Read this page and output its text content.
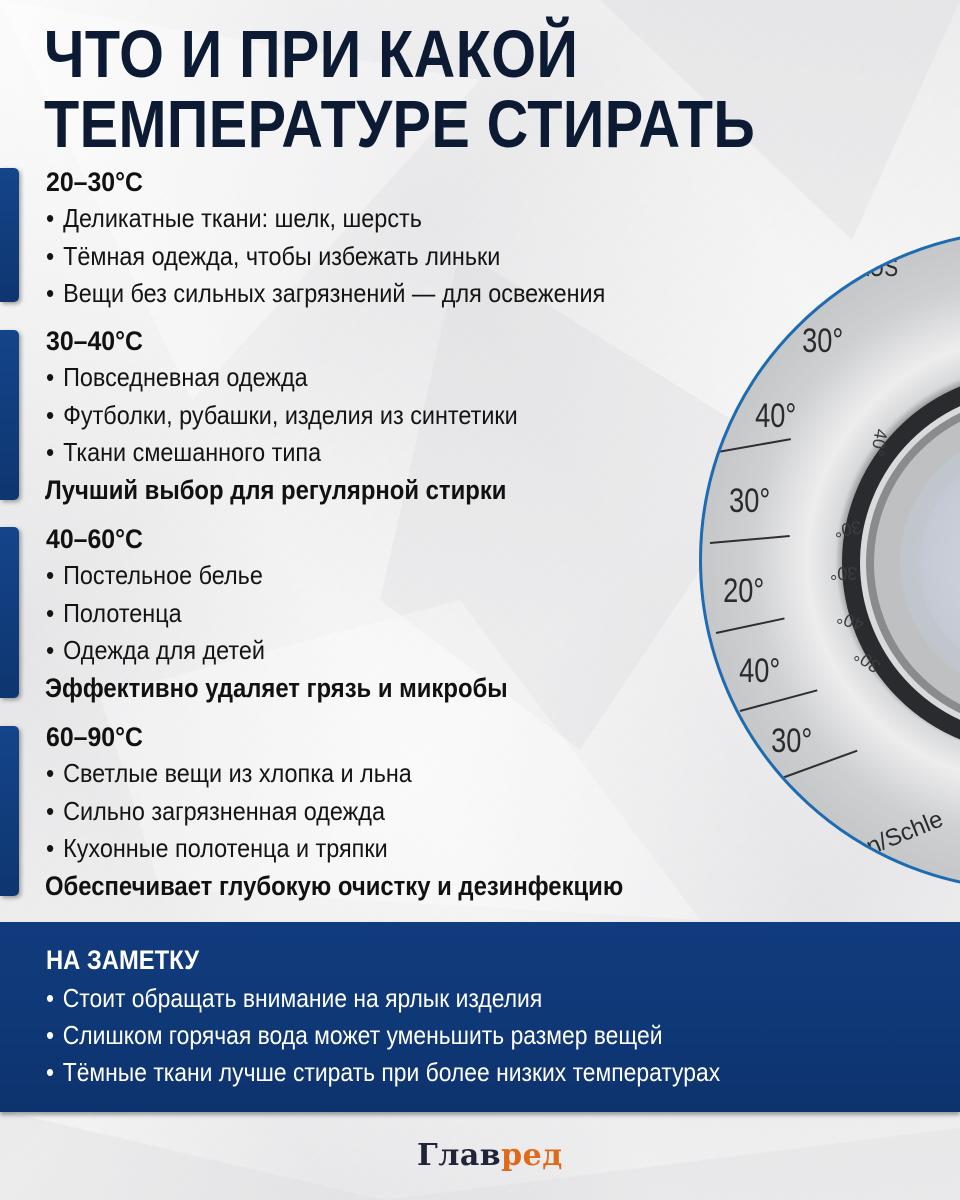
AUS
30°
40°
30°
20°
40°
30°
40°
30°
30°
40°
30°
on/Schle
ЧТО И ПРИ КАКОЙ
ТЕМПЕРАТУРЕ СТИРАТЬ
20–30°C
• Деликатные ткани: шелк, шерсть
• Тёмная одежда, чтобы избежать линьки
• Вещи без сильных загрязнений — для освежения
30–40°C
• Повседневная одежда
• Футболки, рубашки, изделия из синтетики
• Ткани смешанного типа
Лучший выбор для регулярной стирки
40–60°C
• Постельное белье
• Полотенца
• Одежда для детей
Эффективно удаляет грязь и микробы
60–90°C
• Светлые вещи из хлопка и льна
• Сильно загрязненная одежда
• Кухонные полотенца и тряпки
Обеспечивает глубокую очистку и дезинфекцию
НА ЗАМЕТКУ
• Стоит обращать внимание на ярлык изделия
• Слишком горячая вода может уменьшить размер вещей
• Тёмные ткани лучше стирать при более низких температурах
Главред
